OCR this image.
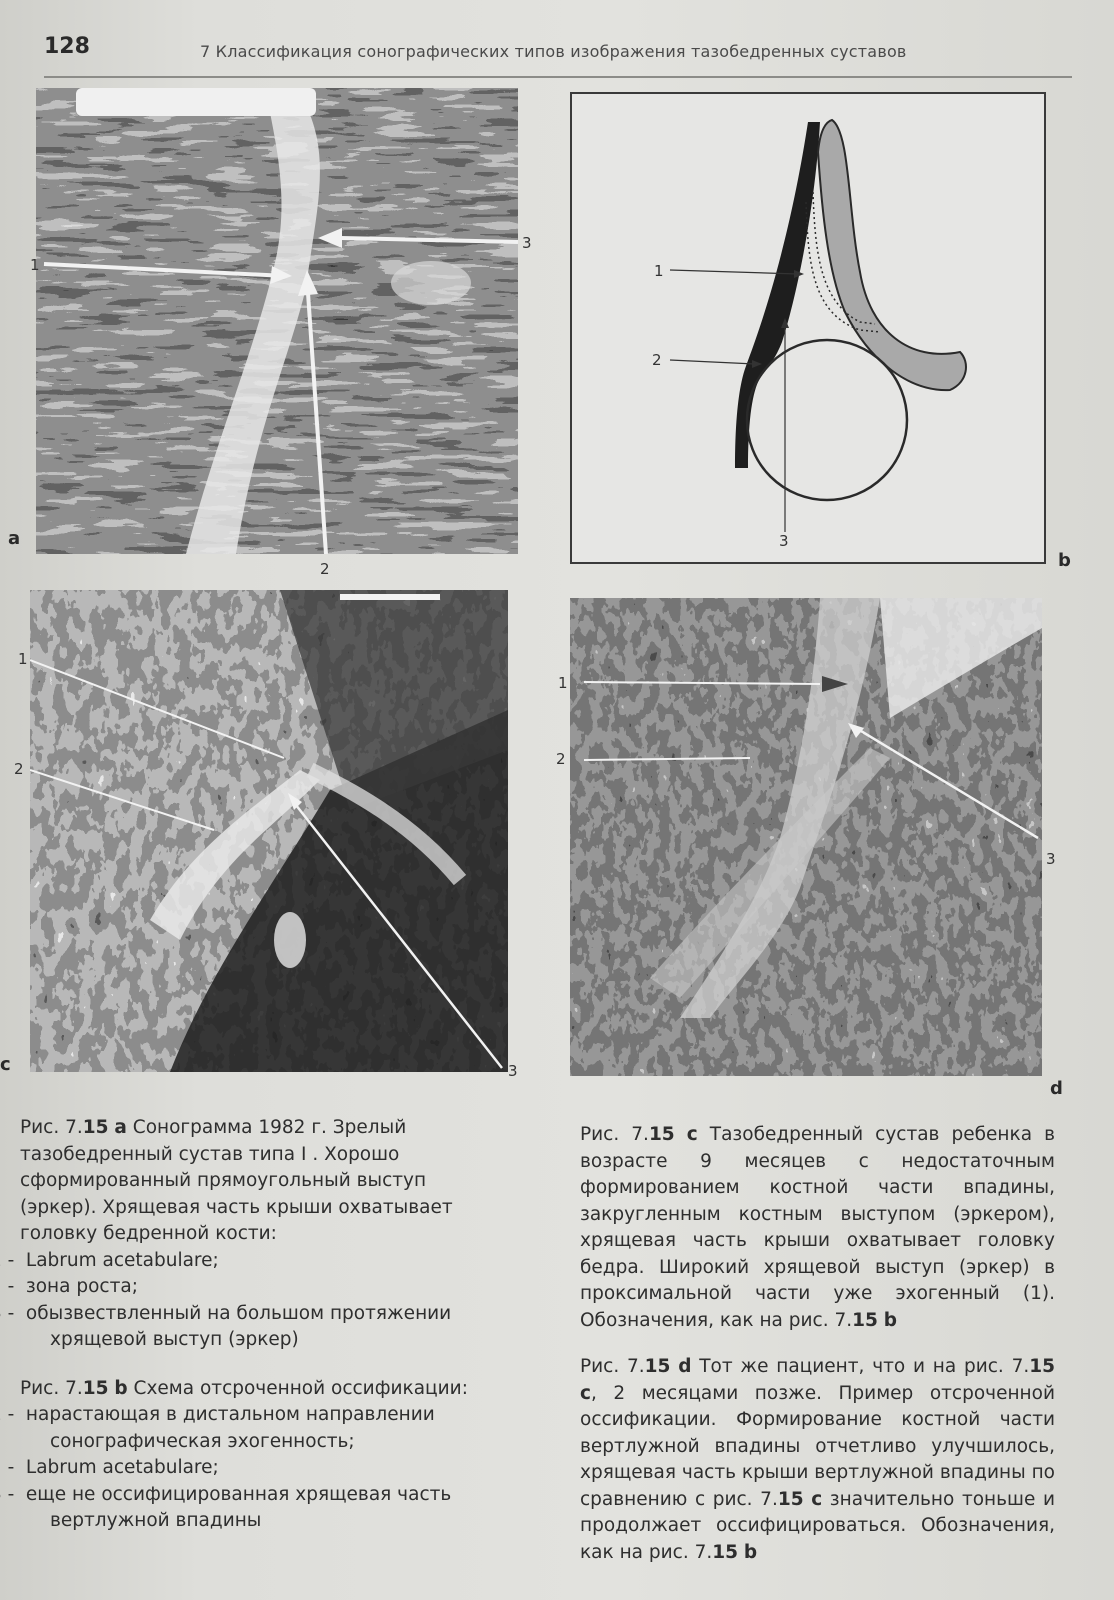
128	7 Классификация сонографических типов изображения тазобедренных суставов
1
3
2
a
1
2
3
b
1
2
3
c
1
2
3
d

Рис. 7.15 a Сонограмма 1982 г. Зрелый тазобедренный сустав типа I . Хорошо сформированный прямоугольный выступ (эркер). Хрящевая часть крыши охватывает головку бедренной кости:

Labrum acetabulare;
зона роста;
обызвествленный на большом протяжении хрящевой выступ (эркер)

Рис. 7.15 b Схема отсроченной оссификации:

нарастающая в дистальном направлении сонографическая эхогенность;
Labrum acetabulare;
еще не оссифицированная хрящевая часть вертлужной впадины

Рис. 7.15 c Тазобедренный сустав ребенка в возрасте 9 месяцев с недостаточным формированием костной части впадины, закругленным костным выступом (эркером), хрящевая часть крыши охватывает головку бедра. Широкий хрящевой выступ (эркер) в проксимальной части уже эхогенный (1). Обозначения, как на рис. 7.15 b

Рис. 7.15 d Тот же пациент, что и на рис. 7.15 c, 2 месяцами позже. Пример отсроченной оссификации. Формирование костной части вертлужной впадины отчетливо улучшилось, хрящевая часть крыши вертлужной впадины по сравнению с рис. 7.15 c значительно тоньше и продолжает оссифицироваться. Обозначения, как на рис. 7.15 b
